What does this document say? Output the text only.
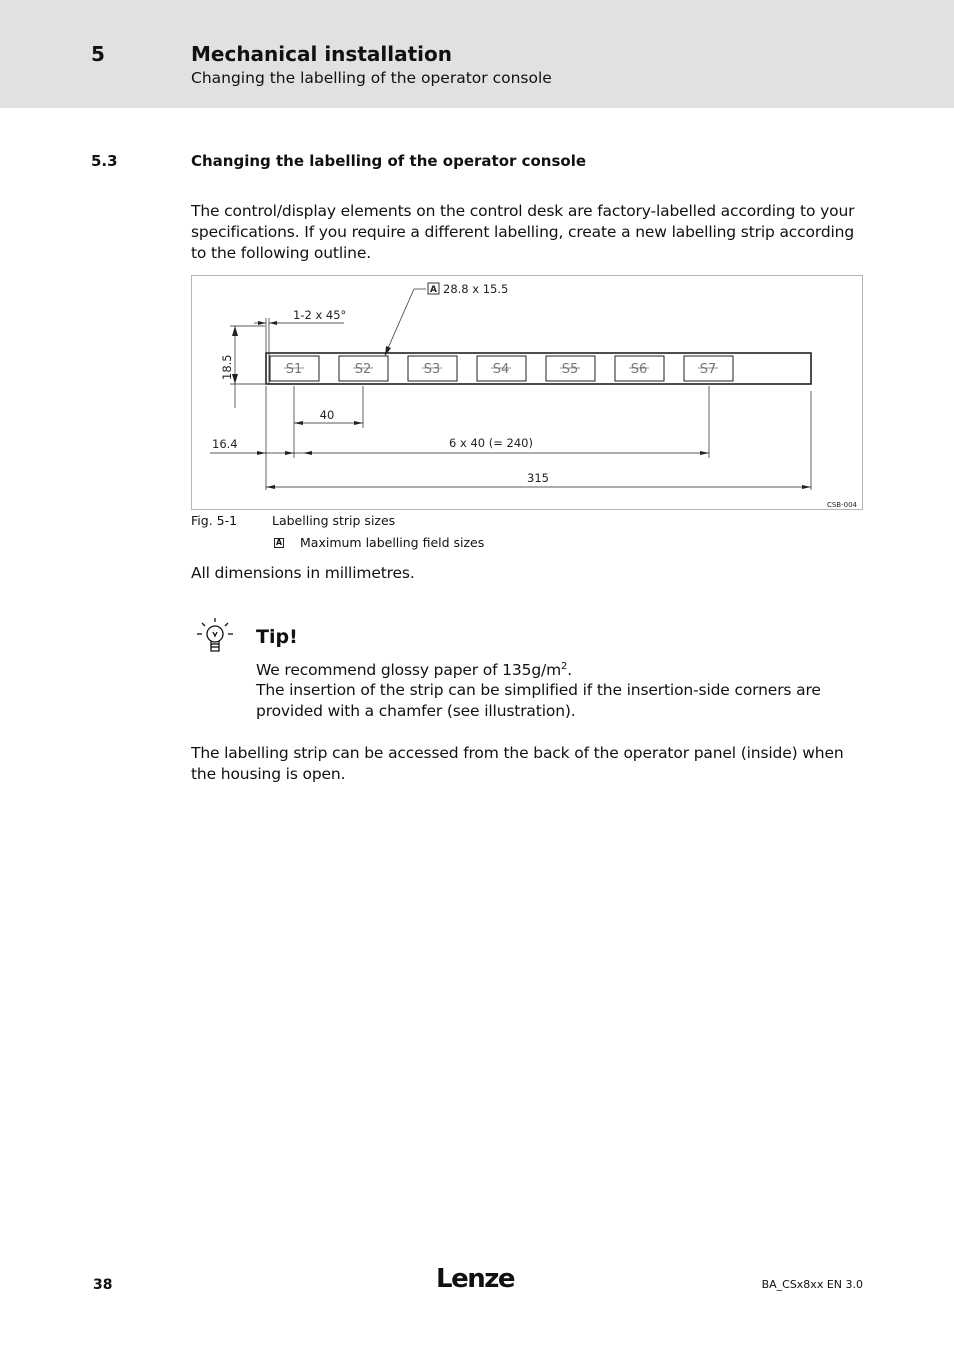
5	Mechanical installation
Changing the labelling of the operator console
5.3	Changing the labelling of the operator console

The control/display elements on the control desk are factory-labelled according to your specifications. If you require a different labelling, create a new labelling strip according to the following outline.

A 28.8 x 15.5
1-2 x 45°
18.5
40
16.4	6 x 40 (= 240)
315
CSB-004
S1	S2	S3	S4	S5	S6	S7
Fig. 5-1	Labelling strip sizes
A Maximum labelling field sizes

All dimensions in millimetres.

Tip!

We recommend glossy paper of $135g/m^2$.

The insertion of the strip can be simplified if the insertion-side corners are provided with a chamfer (see illustration).

The labelling strip can be accessed from the back of the operator panel (inside) when the housing is open.

38	Lenze	BA_CSx8xx EN 3.0
